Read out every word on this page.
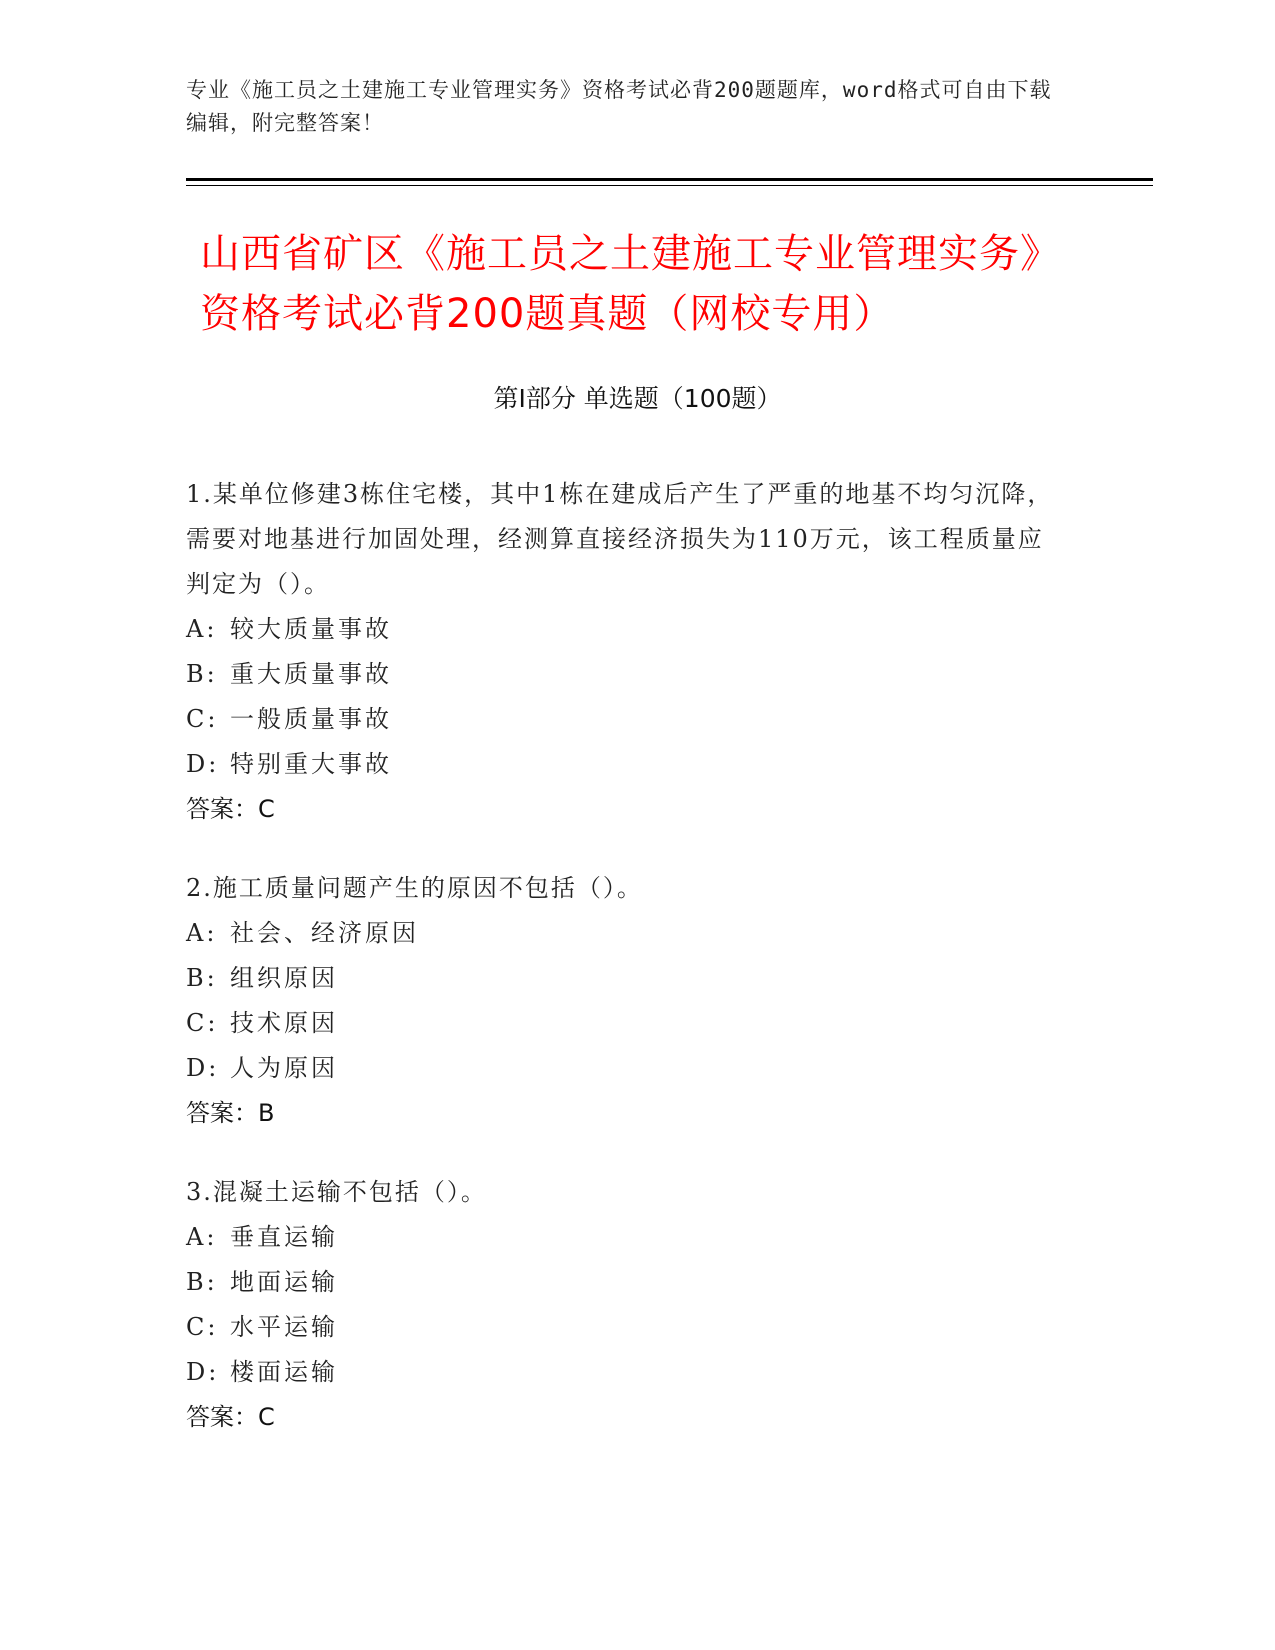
专业《施工员之土建施工专业管理实务》资格考试必背200题题库，word格式可自由下载编辑，附完整答案！
山西省矿区《施工员之土建施工专业管理实务》资格考试必背200题真题（网校专用）
第Ⅰ部分 单选题（100题）

1.某单位修建3栋住宅楼，其中1栋在建成后产生了严重的地基不均匀沉降，需要对地基进行加固处理，经测算直接经济损失为110万元，该工程质量应判定为（）。

A: 较大质量事故

B: 重大质量事故

C: 一般质量事故

D: 特别重大事故

答案：C

2.施工质量问题产生的原因不包括（）。

A: 社会、经济原因

B: 组织原因

C: 技术原因

D: 人为原因

答案：B

3.混凝土运输不包括（）。

A: 垂直运输

B: 地面运输

C: 水平运输

D: 楼面运输

答案：C
